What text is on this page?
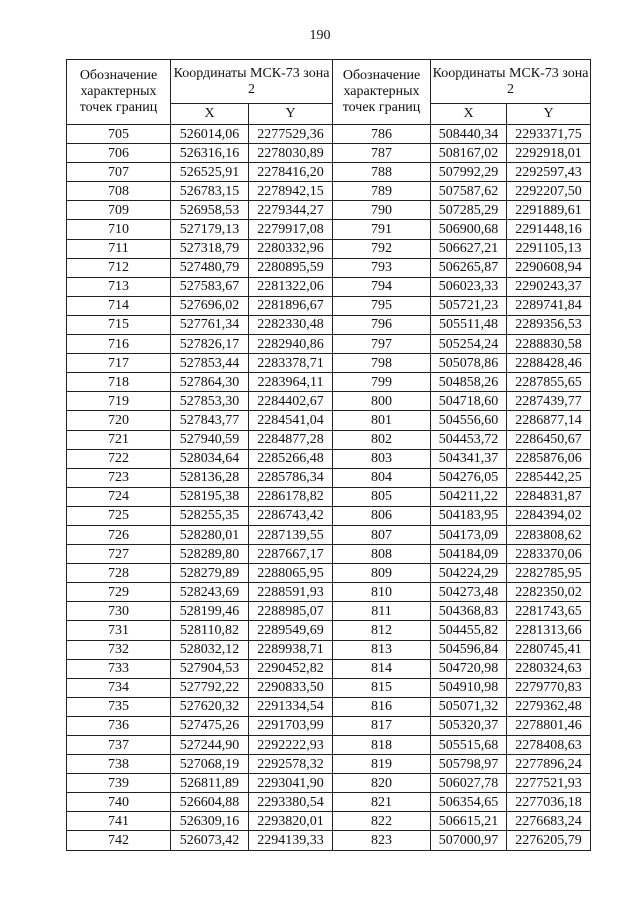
190
Обозначение характерных точек границ	Координаты МСК-73 зона 2		Обозначение характерных точек границ	Координаты МСК-73 зона 2	
	X	Y		X	Y
705	526014,06	2277529,36	786	508440,34	2293371,75
706	526316,16	2278030,89	787	508167,02	2292918,01
707	526525,91	2278416,20	788	507992,29	2292597,43
708	526783,15	2278942,15	789	507587,62	2292207,50
709	526958,53	2279344,27	790	507285,29	2291889,61
710	527179,13	2279917,08	791	506900,68	2291448,16
711	527318,79	2280332,96	792	506627,21	2291105,13
712	527480,79	2280895,59	793	506265,87	2290608,94
713	527583,67	2281322,06	794	506023,33	2290243,37
714	527696,02	2281896,67	795	505721,23	2289741,84
715	527761,34	2282330,48	796	505511,48	2289356,53
716	527826,17	2282940,86	797	505254,24	2288830,58
717	527853,44	2283378,71	798	505078,86	2288428,46
718	527864,30	2283964,11	799	504858,26	2287855,65
719	527853,30	2284402,67	800	504718,60	2287439,77
720	527843,77	2284541,04	801	504556,60	2286877,14
721	527940,59	2284877,28	802	504453,72	2286450,67
722	528034,64	2285266,48	803	504341,37	2285876,06
723	528136,28	2285786,34	804	504276,05	2285442,25
724	528195,38	2286178,82	805	504211,22	2284831,87
725	528255,35	2286743,42	806	504183,95	2284394,02
726	528280,01	2287139,55	807	504173,09	2283808,62
727	528289,80	2287667,17	808	504184,09	2283370,06
728	528279,89	2288065,95	809	504224,29	2282785,95
729	528243,69	2288591,93	810	504273,48	2282350,02
730	528199,46	2288985,07	811	504368,83	2281743,65
731	528110,82	2289549,69	812	504455,82	2281313,66
732	528032,12	2289938,71	813	504596,84	2280745,41
733	527904,53	2290452,82	814	504720,98	2280324,63
734	527792,22	2290833,50	815	504910,98	2279770,83
735	527620,32	2291334,54	816	505071,32	2279362,48
736	527475,26	2291703,99	817	505320,37	2278801,46
737	527244,90	2292222,93	818	505515,68	2278408,63
738	527068,19	2292578,32	819	505798,97	2277896,24
739	526811,89	2293041,90	820	506027,78	2277521,93
740	526604,88	2293380,54	821	506354,65	2277036,18
741	526309,16	2293820,01	822	506615,21	2276683,24
742	526073,42	2294139,33	823	507000,97	2276205,79
